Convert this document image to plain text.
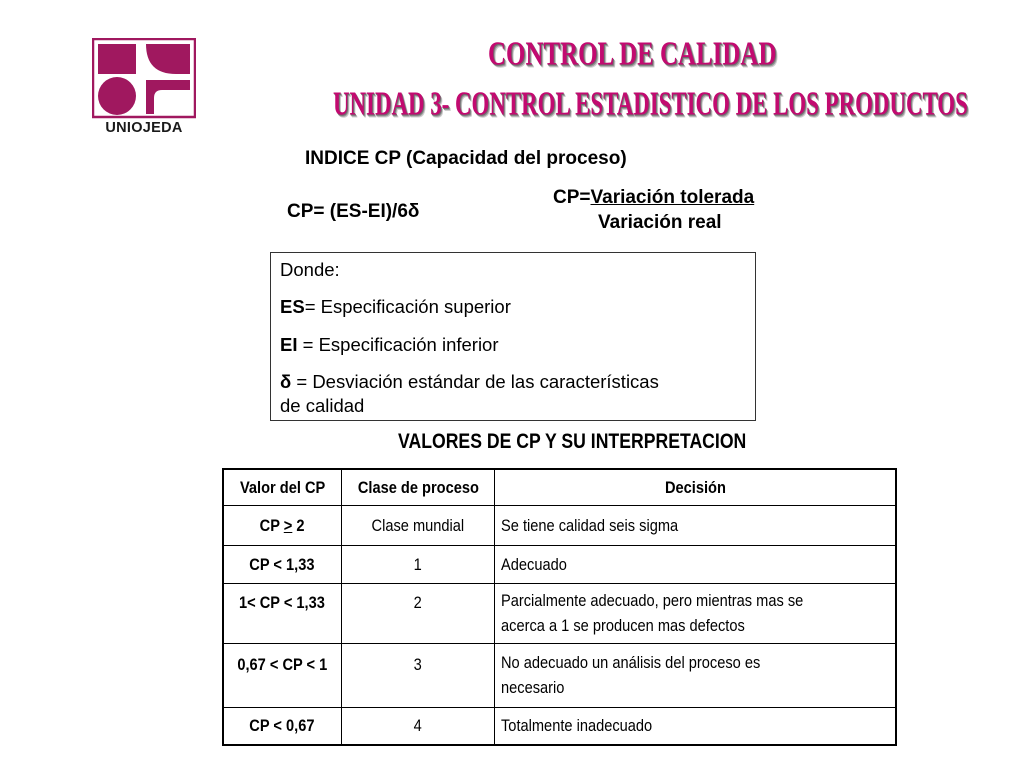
UNIOJEDA
CONTROL DE CALIDAD
UNIDAD 3- CONTROL ESTADISTICO DE LOS PRODUCTOS
INDICE CP (Capacidad del proceso)
CP= (ES-EI)/6δ
CP=Variación tolerada
Variación real
Donde:
ES= Especificación superior
EI = Especificación inferior
δ = Desviación estándar de las características
de calidad
VALORES DE CP Y SU INTERPRETACION
Valor del CP	Clase de proceso	Decisión
CP > 2	Clase mundial	Se tiene calidad seis sigma
CP < 1,33	1	Adecuado
1< CP < 1,33	2	Parcialmente adecuado, pero mientras mas se acerca a 1 se producen mas defectos
0,67 < CP < 1	3	No adecuado un análisis del proceso es necesario
CP < 0,67	4	Totalmente inadecuado
